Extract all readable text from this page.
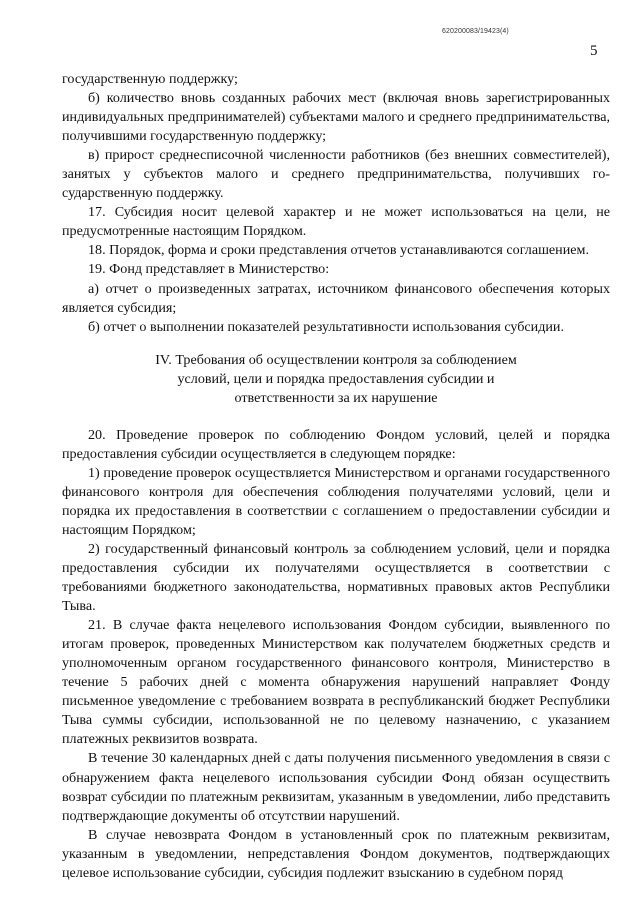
620200083/19423(4)
5

государственную поддержку;

б) количество вновь созданных рабочих мест (включая вновь зарегистрированных индивидуальных предпринимателей) субъектами малого и среднего предпринимательства, получившими государственную поддержку;

в) прирост среднесписочной численности работников (без внешних совместителей), занятых у субъектов малого и среднего предпринимательства, получивших государственную поддержку.

17. Субсидия носит целевой характер и не может использоваться на цели, не предусмотренные настоящим Порядком.

18. Порядок, форма и сроки представления отчетов устанавливаются соглашением.

19. Фонд представляет в Министерство:

а) отчет о произведенных затратах, источником финансового обеспечения которых является субсидия;

б) отчет о выполнении показателей результативности использования субсидии.

IV. Требования об осуществлении контроля за соблюдением
условий, цели и порядка предоставления субсидии и
ответственности за их нарушение

20. Проведение проверок по соблюдению Фондом условий, целей и порядка предоставления субсидии осуществляется в следующем порядке:

1) проведение проверок осуществляется Министерством и органами государственного финансового контроля для обеспечения соблюдения получателями условий, цели и порядка их предоставления в соответствии с соглашением о предоставлении субсидии и настоящим Порядком;

2) государственный финансовый контроль за соблюдением условий, цели и порядка предоставления субсидии их получателями осуществляется в соответствии с требованиями бюджетного законодательства, нормативных правовых актов Республики Тыва.

21. В случае факта нецелевого использования Фондом субсидии, выявленного по итогам проверок, проведенных Министерством как получателем бюджетных средств и уполномоченным органом государственного финансового контроля, Министерство в течение 5 рабочих дней с момента обнаружения нарушений направляет Фонду письменное уведомление с требованием возврата в республиканский бюджет Республики Тыва суммы субсидии, использованной не по целевому назначению, с указанием платежных реквизитов возврата.

В течение 30 календарных дней с даты получения письменного уведомления в связи с обнаружением факта нецелевого использования субсидии Фонд обязан осуществить возврат субсидии по платежным реквизитам, указанным в уведомлении, либо представить подтверждающие документы об отсутствии нарушений.

В случае невозврата Фондом в установленный срок по платежным реквизитам, указанным в уведомлении, непредставления Фондом документов, подтверждающих целевое использование субсидии, субсидия подлежит взысканию в судебном поряд
